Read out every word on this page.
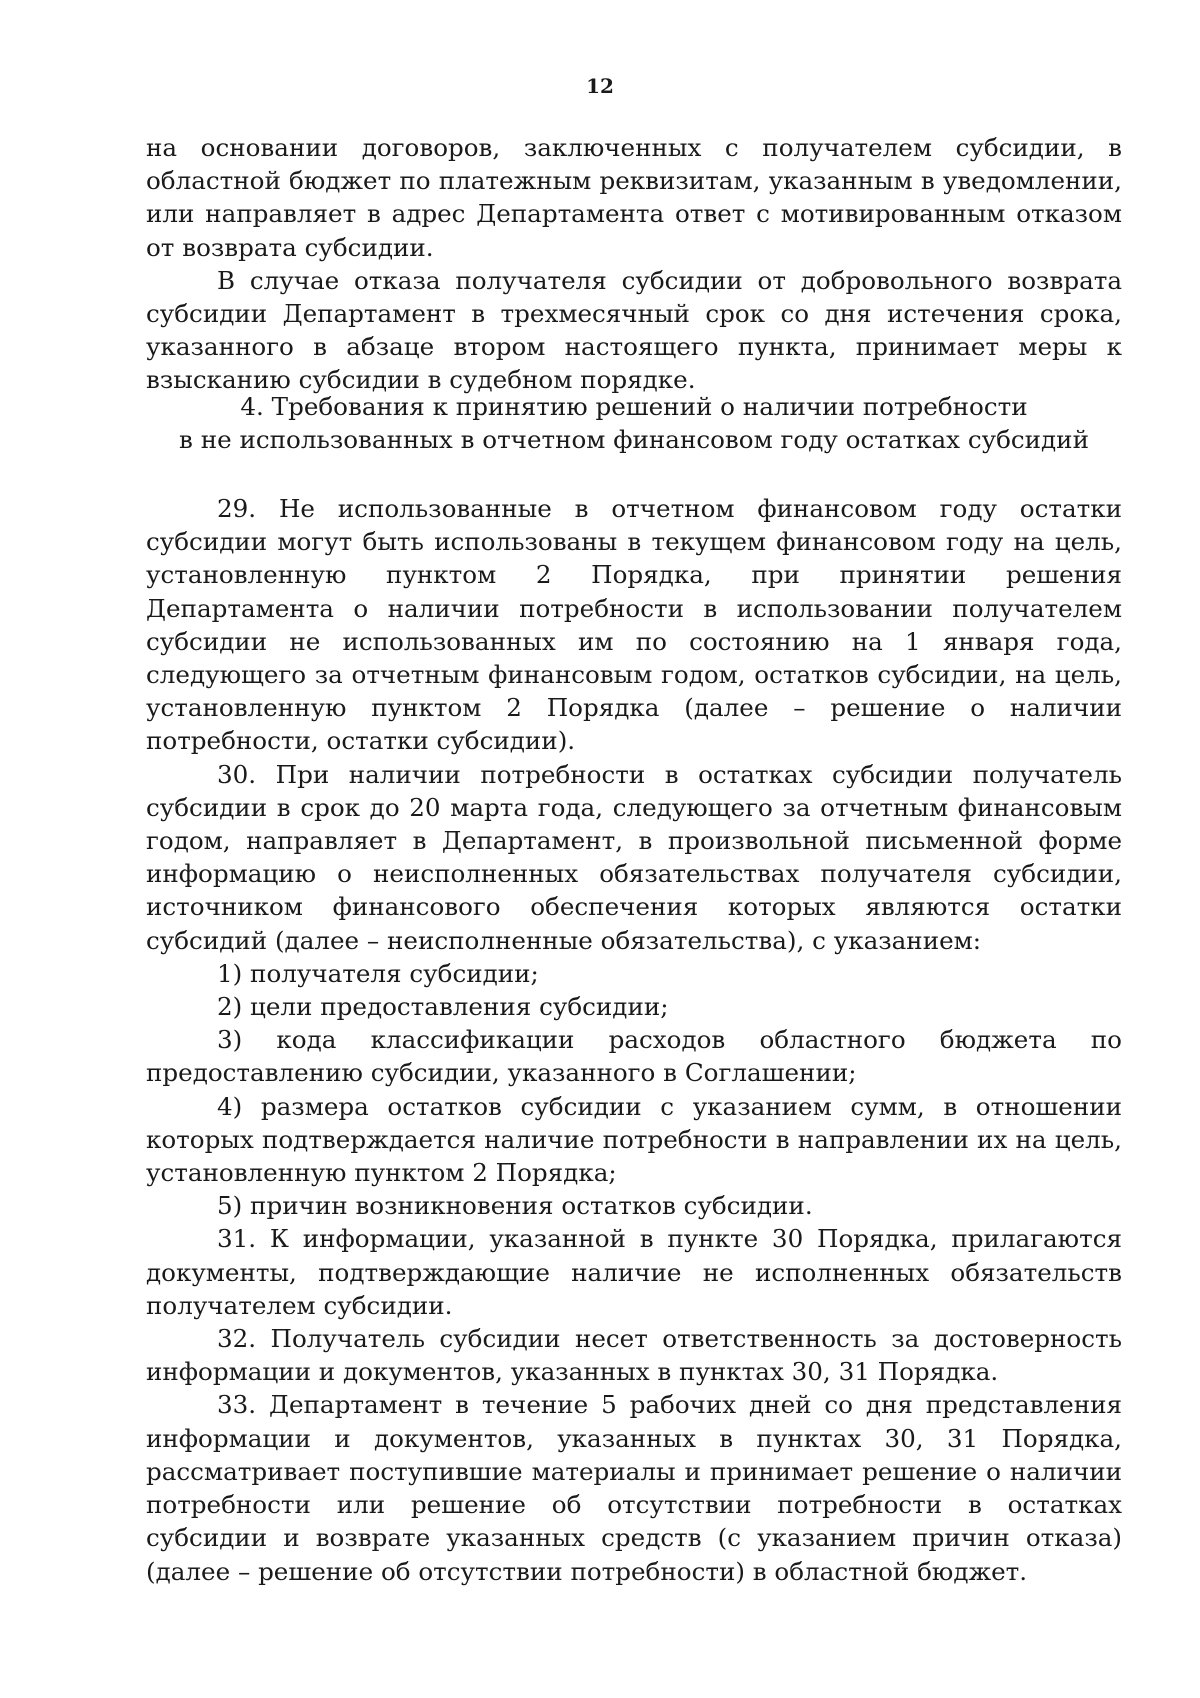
12

на основании договоров, заключенных с получателем субсидии, в областной бюджет по платежным реквизитам, указанным в уведомлении, или направляет в адрес Департамента ответ с мотивированным отказом от возврата субсидии.

В случае отказа получателя субсидии от добровольного возврата субсидии Департамент в трехмесячный срок со дня истечения срока, указанного в абзаце втором настоящего пункта, принимает меры к взысканию субсидии в судебном порядке.

4. Требования к принятию решений о наличии потребности
в не использованных в отчетном финансовом году остатках субсидий

29. Не использованные в отчетном финансовом году остатки субсидии могут быть использованы в текущем финансовом году на цель, установленную пунктом 2 Порядка, при принятии решения Департамента о наличии потребности в использовании получателем субсидии не использованных им по состоянию на 1 января года, следующего за отчетным финансовым годом, остатков субсидии, на цель, установленную пунктом 2 Порядка (далее – решение о наличии потребности, остатки субсидии).

30. При наличии потребности в остатках субсидии получатель субсидии в срок до 20 марта года, следующего за отчетным финансовым годом, направляет в Департамент, в произвольной письменной форме информацию о неисполненных обязательствах получателя субсидии, источником финансового обеспечения которых являются остатки субсидий (далее – неисполненные обязательства), с указанием:

1) получателя субсидии;

2) цели предоставления субсидии;

3) кода классификации расходов областного бюджета по предоставлению субсидии, указанного в Соглашении;

4) размера остатков субсидии с указанием сумм, в отношении которых подтверждается наличие потребности в направлении их на цель, установленную пунктом 2 Порядка;

5) причин возникновения остатков субсидии.

31. К информации, указанной в пункте 30 Порядка, прилагаются документы, подтверждающие наличие не исполненных обязательств получателем субсидии.

32. Получатель субсидии несет ответственность за достоверность информации и документов, указанных в пунктах 30, 31 Порядка.

33. Департамент в течение 5 рабочих дней со дня представления информации и документов, указанных в пунктах 30, 31 Порядка, рассматривает поступившие материалы и принимает решение о наличии потребности или решение об отсутствии потребности в остатках субсидии и возврате указанных средств (с указанием причин отказа) (далее – решение об отсутствии потребности) в областной бюджет.
